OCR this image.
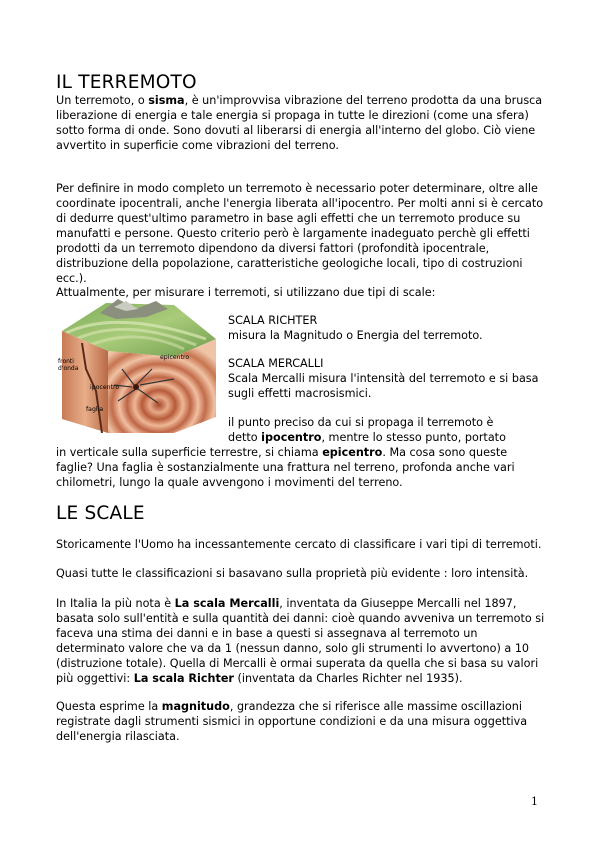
IL TERREMOTO
Un terremoto, o sisma, è un'improvvisa vibrazione del terreno prodotta da una brusca liberazione di energia e tale energia si propaga in tutte le direzioni (come una sfera) sotto forma di onde. Sono dovuti al liberarsi di energia all'interno del globo. Ciò viene avvertito in superficie come vibrazioni del terreno.
Per definire in modo completo un terremoto è necessario poter determinare, oltre alle coordinate ipocentrali, anche l'energia liberata all'ipocentro. Per molti anni si è cercato di dedurre quest'ultimo parametro in base agli effetti che un terremoto produce su manufatti e persone. Questo criterio però è largamente inadeguato perchè gli effetti prodotti da un terremoto dipendono da diversi fattori (profondità ipocentrale, distribuzione della popolazione, caratteristiche geologiche locali, tipo di costruzioni ecc.).
Attualmente, per misurare i terremoti, si utilizzano due tipi di scale:
fronti d'onda
epicentro
ipocentro
faglia
SCALA RICHTER
misura la Magnitudo o Energia del terremoto.
SCALA MERCALLI
Scala Mercalli misura l'intensità del terremoto e si basa sugli effetti macrosismici.
il punto preciso da cui si propaga il terremoto è
detto ipocentro, mentre lo stesso punto, portato
in verticale sulla superficie terrestre, si chiama epicentro. Ma cosa sono queste faglie? Una faglia è sostanzialmente una frattura nel terreno, profonda anche vari chilometri, lungo la quale avvengono i movimenti del terreno.
LE SCALE
Storicamente l'Uomo ha incessantemente cercato di classificare i vari tipi di terremoti.
Quasi tutte le classificazioni si basavano sulla proprietà più evidente : loro intensità.
In Italia la più nota è La scala Mercalli, inventata da Giuseppe Mercalli nel 1897, basata solo sull'entità e sulla quantità dei danni: cioè quando avveniva un terremoto si faceva una stima dei danni e in base a questi si assegnava al terremoto un determinato valore che va da 1 (nessun danno, solo gli strumenti lo avvertono) a 10 (distruzione totale). Quella di Mercalli è ormai superata da quella che si basa su valori più oggettivi: La scala Richter (inventata da Charles Richter nel 1935).
Questa esprime la magnitudo, grandezza che si riferisce alle massime oscillazioni registrate dagli strumenti sismici in opportune condizioni e da una misura oggettiva dell'energia rilasciata.
1
